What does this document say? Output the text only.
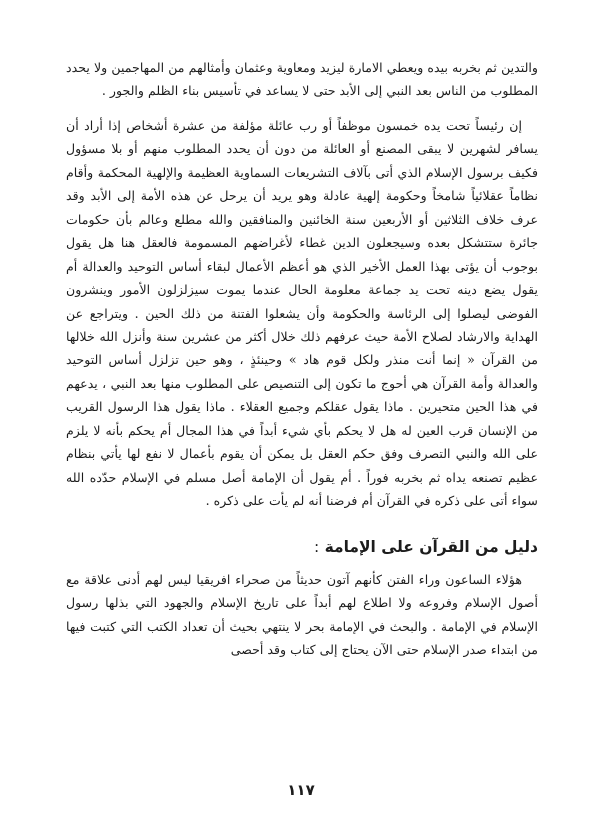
والتدين ثم بخربه بيده ويعطي الامارة ليزيد ومعاوية وعثمان وأمثالهم من المهاجمين ولا يحدد المطلوب من الناس بعد النبي إلى الأبد حتى لا يساعد في تأسيس بناء الظلم والجور .

إن رئيساً تحت يده خمسون موظفاً أو رب عائلة مؤلفة من عشرة أشخاص إذا أراد أن يسافر لشهرين لا يبقى المصنع أو العائلة من دون أن يحدد المطلوب منهم أو بلا مسؤول فكيف برسول الإسلام الذي أتى بآلاف التشريعات السماوية العظيمة والإلهية المحكمة وأقام نظاماً عقلائياً شامخاً وحكومة إلهية عادلة وهو يريد أن يرحل عن هذه الأمة إلى الأبد وقد عرف خلاف الثلاثين أو الأربعين سنة الخائنين والمنافقين والله مطلع وعالم بأن حكومات جائرة ستتشكل بعده وسيجعلون الدين غطاء لأغراضهم المسمومة فالعقل هنا هل يقول بوجوب أن يؤتى بهذا العمل الأخير الذي هو أعظم الأعمال لبقاء أساس التوحيد والعدالة أم يقول يضع دينه تحت يد جماعة معلومة الحال عندما يموت سيزلزلون الأمور وينشرون الفوضى ليصلوا إلى الرئاسة والحكومة وأن يشعلوا الفتنة من ذلك الحين . ويتراجع عن الهداية والارشاد لصلاح الأمة حيث عرفهم ذلك خلال أكثر من عشرين سنة وأنزل الله خلالها من القرآن « إنما أنت منذر ولكل قوم هاد » وحينئذٍ ، وهو حين تزلزل أساس التوحيد والعدالة وأمة القرآن هي أحوج ما تكون إلى التنصيص على المطلوب منها بعد النبي ، يدعهم في هذا الحين متحيرين . ماذا يقول عقلكم وجميع العقلاء . ماذا يقول هذا الرسول القريب من الإنسان قرب العين له هل لا يحكم بأي شيء أبداً في هذا المجال أم يحكم بأنه لا يلزم على الله والنبي التصرف وفق حكم العقل بل يمكن أن يقوم بأعمال لا نفع لها يأتي بنظام عظيم تصنعه يداه ثم بخربه فوراً . أم يقول أن الإمامة أصل مسلم في الإسلام حدّده الله سواء أتى على ذكره في القرآن أم فرضنا أنه لم يأت على ذكره .

دليل من القرآن على الإمامة :

هؤلاء الساعون وراء الفتن كأنهم آتون حديثاً من صحراء افريقيا ليس لهم أدنى علاقة مع أصول الإسلام وفروعه ولا اطلاع لهم أبداً على تاريخ الإسلام والجهود التي بذلها رسول الإسلام في الإمامة . والبحث في الإمامة بحر لا ينتهي بحيث أن تعداد الكتب التي كتبت فيها من ابتداء صدر الإسلام حتى الآن يحتاج إلى كتاب وقد أحصى

١١٧
